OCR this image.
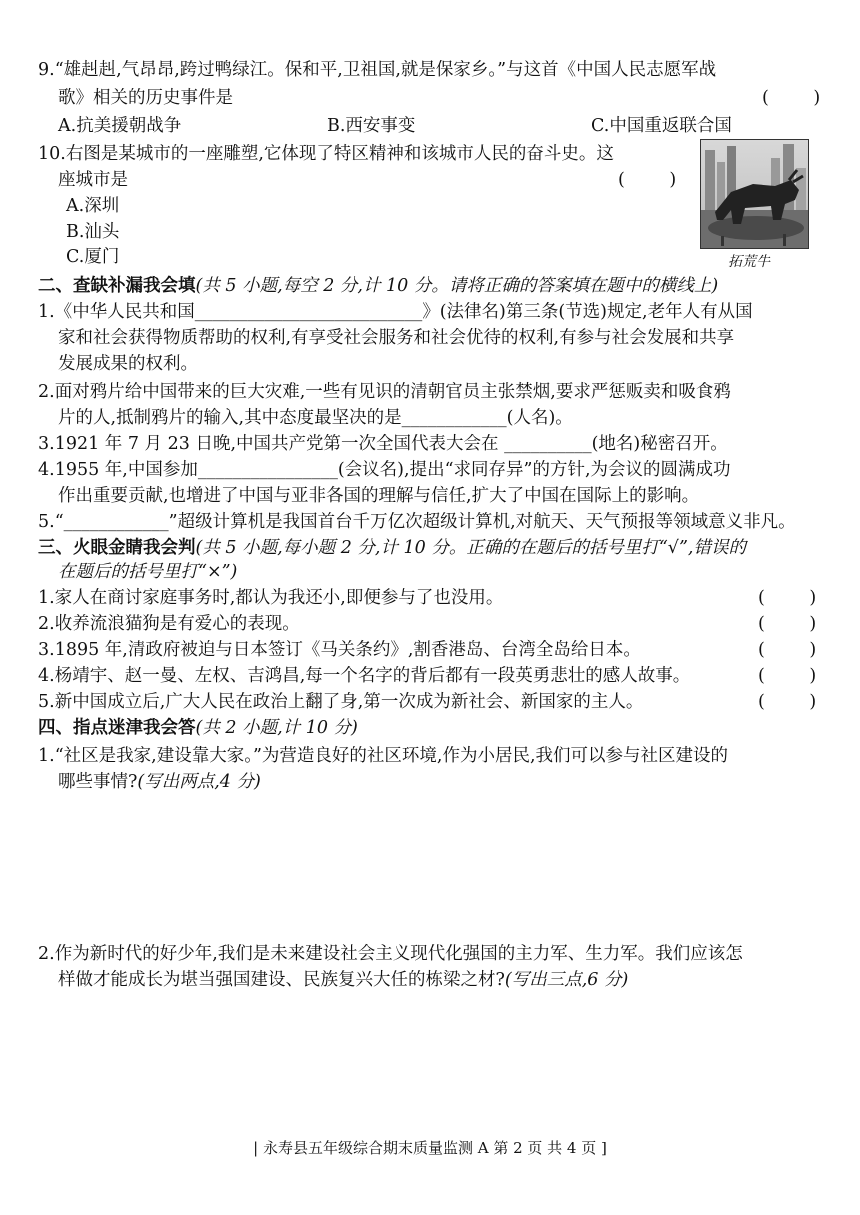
9.“雄赳赳,气昂昂,跨过鸭绿江。保和平,卫祖国,就是保家乡。”与这首《中国人民志愿军战
歌》相关的历史事件是	(        )
A.抗美援朝战争	B.西安事变	C.中国重返联合国
10.右图是某城市的一座雕塑,它体现了特区精神和该城市人民的奋斗史。这
座城市是	(        )
A.深圳
B.汕头
C.厦门	拓荒牛
二、查缺补漏我会填(共 5 小题,每空 2 分,计 10 分。请将正确的答案填在题中的横线上)
1.《中华人民共和国__________________________》(法律名)第三条(节选)规定,老年人有从国
家和社会获得物质帮助的权利,有享受社会服务和社会优待的权利,有参与社会发展和共享
发展成果的权利。
2.面对鸦片给中国带来的巨大灾难,一些有见识的清朝官员主张禁烟,要求严惩贩卖和吸食鸦
片的人,抵制鸦片的输入,其中态度最坚决的是____________(人名)。
3.1921 年 7 月 23 日晚,中国共产党第一次全国代表大会在 __________(地名)秘密召开。
4.1955 年,中国参加________________(会议名),提出“求同存异”的方针,为会议的圆满成功
作出重要贡献,也增进了中国与亚非各国的理解与信任,扩大了中国在国际上的影响。
5.“____________”超级计算机是我国首台千万亿次超级计算机,对航天、天气预报等领域意义非凡。
三、火眼金睛我会判(共 5 小题,每小题 2 分,计 10 分。正确的在题后的括号里打“√”,错误的
在题后的括号里打“×”)
1.家人在商讨家庭事务时,都认为我还小,即便参与了也没用。	(        )
2.收养流浪猫狗是有爱心的表现。	(        )
3.1895 年,清政府被迫与日本签订《马关条约》,割香港岛、台湾全岛给日本。	(        )
4.杨靖宇、赵一曼、左权、吉鸿昌,每一个名字的背后都有一段英勇悲壮的感人故事。	(        )
5.新中国成立后,广大人民在政治上翻了身,第一次成为新社会、新国家的主人。	(        )
四、指点迷津我会答(共 2 小题,计 10 分)
1.“社区是我家,建设靠大家。”为营造良好的社区环境,作为小居民,我们可以参与社区建设的
哪些事情?(写出两点,4 分)
2.作为新时代的好少年,我们是未来建设社会主义现代化强国的主力军、生力军。我们应该怎
样做才能成长为堪当强国建设、民族复兴大任的栋梁之材?(写出三点,6 分)
| 永寿县五年级综合期末质量监测 A 第 2 页 共 4 页 ]
